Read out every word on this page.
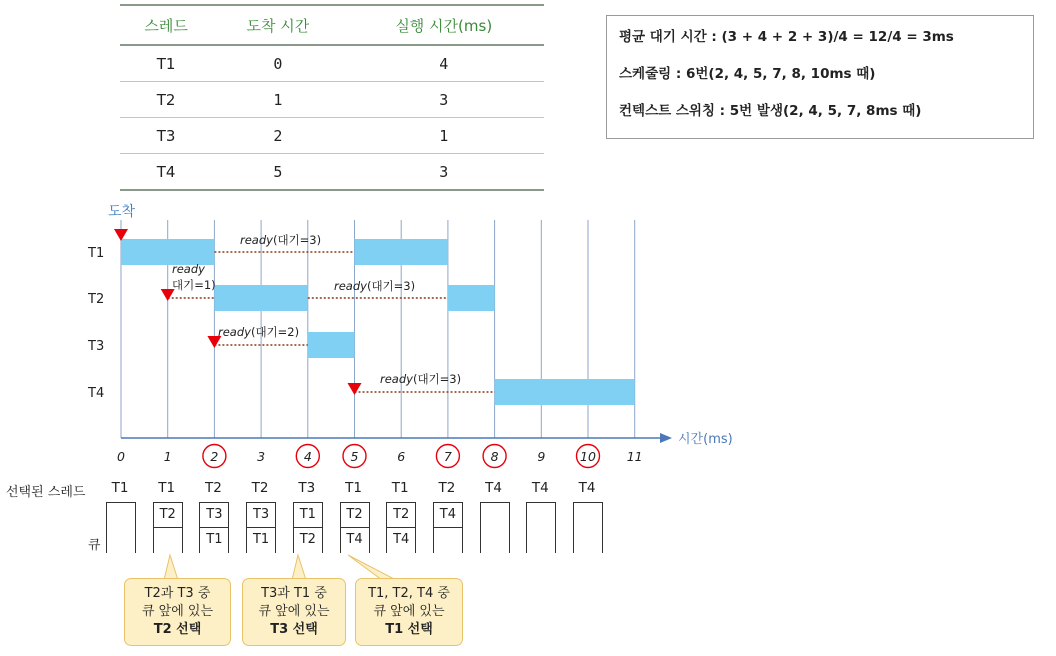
스레드	도착 시간	실행 시간(ms)
T1	0	4
T2	1	3
T3	2	1
T4	5	3
평균 대기 시간 : (3 + 4 + 2 + 3)/4 = 12/4 = 3ms
스케줄링 : 6번(2, 4, 5, 7, 8, 10ms 때)
컨텍스트 스위칭 : 5번 발생(2, 4, 5, 7, 8ms 때)
도착
T1
T2
T3
T4
시간(ms)
0	1	2	3	4	5	6	7	8	9	10 11
ready(대기=3)
ready
대기=1)	ready(대기=3)
ready(대기=2)
ready(대기=3)
선택된 스레드
큐
T1	T1
T2
T2
T3
T1
T2
T3
T1
T3
T1
T2
T1
T2
T4
T1
T2
T4
T2
T4
T4	T4	T4
T2과 T3 중
큐 앞에 있는
T2 선택
T3과 T1 중
큐 앞에 있는
T3 선택
T1, T2, T4 중
큐 앞에 있는
T1 선택
